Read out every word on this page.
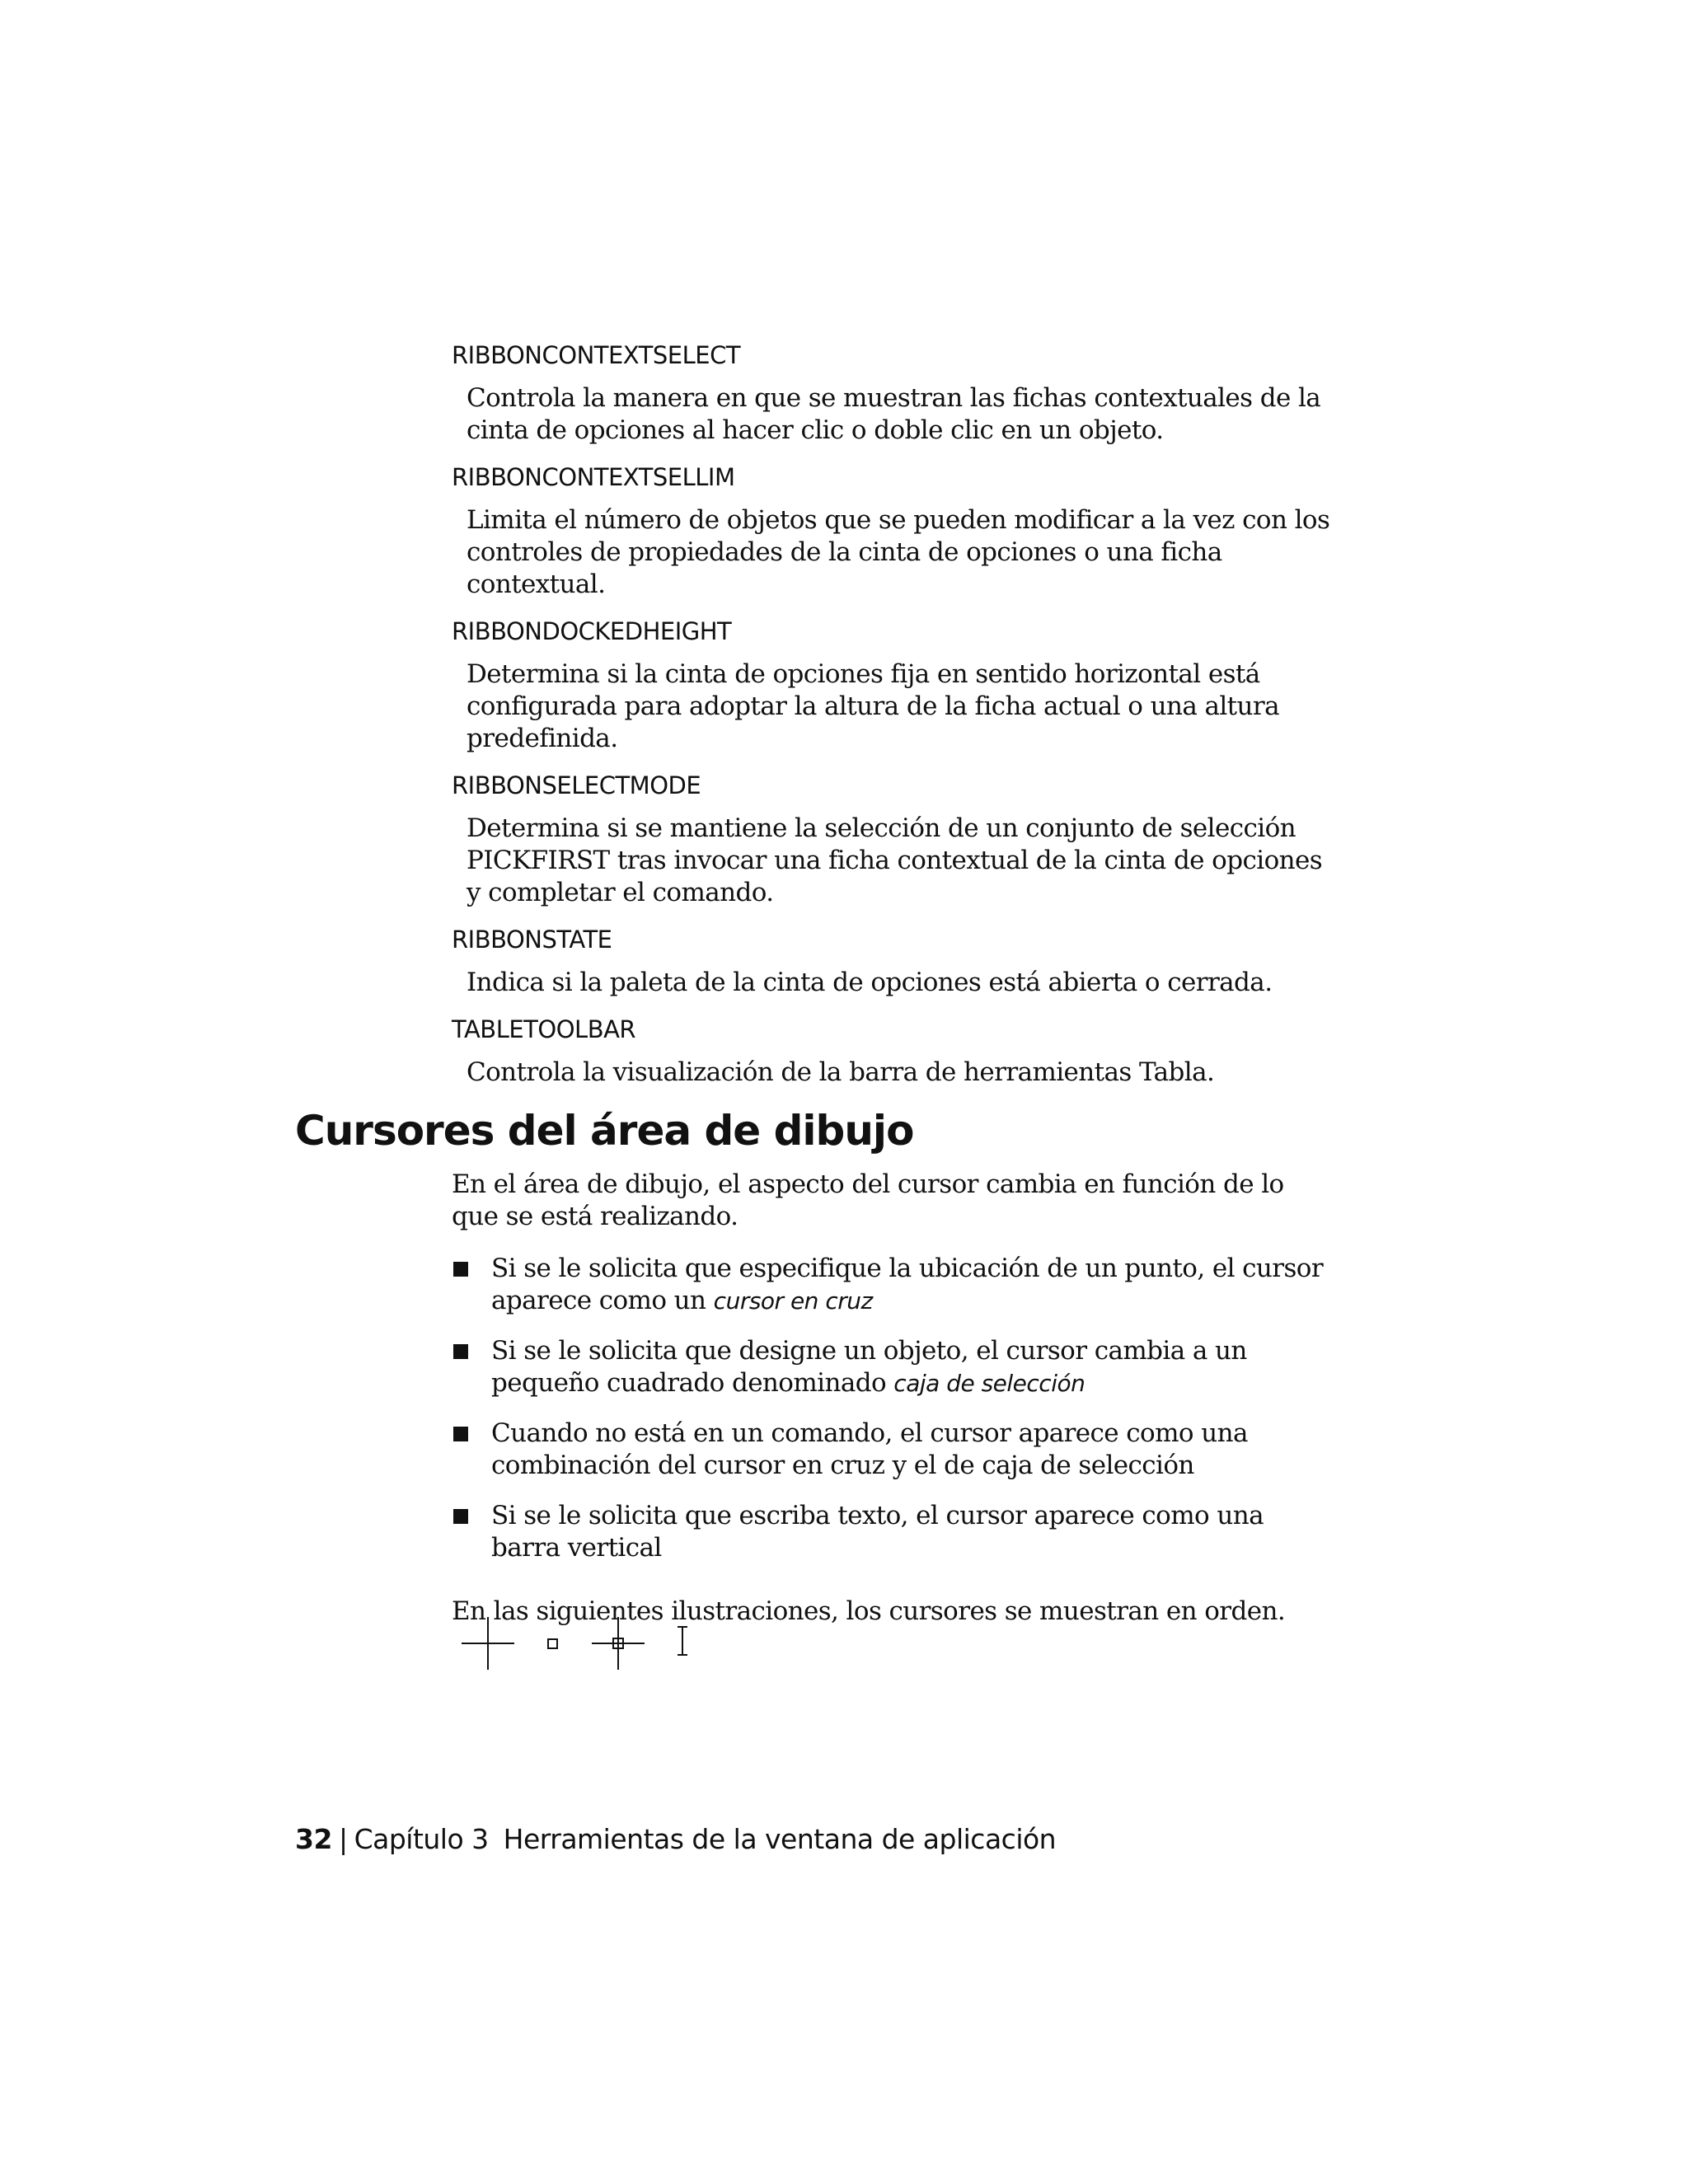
RIBBONCONTEXTSELECT

Controla la manera en que se muestran las fichas contextuales de la cinta de opciones al hacer clic o doble clic en un objeto.

RIBBONCONTEXTSELLIM

Limita el número de objetos que se pueden modificar a la vez con los controles de propiedades de la cinta de opciones o una ficha contextual.

RIBBONDOCKEDHEIGHT

Determina si la cinta de opciones fija en sentido horizontal está configurada para adoptar la altura de la ficha actual o una altura predefinida.

RIBBONSELECTMODE

Determina si se mantiene la selección de un conjunto de selección PICKFIRST tras invocar una ficha contextual de la cinta de opciones y completar el comando.

RIBBONSTATE

Indica si la paleta de la cinta de opciones está abierta o cerrada.

TABLETOOLBAR

Controla la visualización de la barra de herramientas Tabla.

Cursores del área de dibujo

En el área de dibujo, el aspecto del cursor cambia en función de lo que se está realizando.

Si se le solicita que especifique la ubicación de un punto, el cursor aparece como un cursor en cruz
Si se le solicita que designe un objeto, el cursor cambia a un pequeño cuadrado denominado caja de selección
Cuando no está en un comando, el cursor aparece como una combinación del cursor en cruz y el de caja de selección
Si se le solicita que escriba texto, el cursor aparece como una barra vertical

En las siguientes ilustraciones, los cursores se muestran en orden.

32 | Capítulo 3 Herramientas de la ventana de aplicación
